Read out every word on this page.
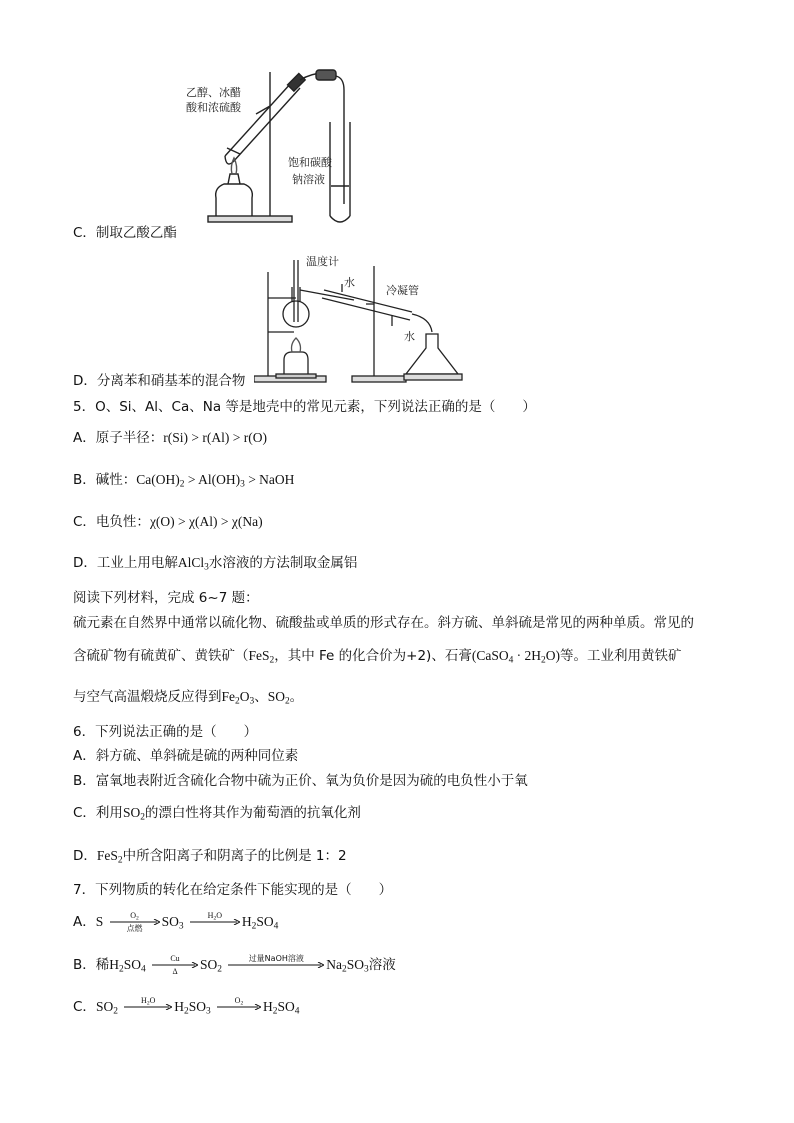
乙醇、冰醋
酸和浓硫酸
饱和碳酸
钠溶液
C．制取乙酸乙酯
温度计
水
冷凝管
水
D．分离苯和硝基苯的混合物
5．O、Si、Al、Ca、Na 等是地壳中的常见元素，下列说法正确的是（　　）
A．原子半径：r(Si) > r(Al) > r(O)
B．碱性：$Ca(OH)_2 > Al(OH)_3$ > NaOH
C．电负性：χ(O) > χ(Al) > χ(Na)
D．工业上用电解AlCl$_3$水溶液的方法制取金属铝
阅读下列材料，完成 6~7 题：
硫元素在自然界中通常以硫化物、硫酸盐或单质的形式存在。斜方硫、单斜硫是常见的两种单质。常见的
含硫矿物有硫黄矿、黄铁矿（FeS$_2$，其中 Fe 的化合价为+2)、石膏(CaSO$_4$ · $2H_2O$)等。工业利用黄铁矿
与空气高温煅烧反应得到$Fe_2O_3$、$SO_2$。
6．下列说法正确的是（　　）
A．斜方硫、单斜硫是硫的两种同位素
B．富氧地表附近含硫化合物中硫为正价、氧为负价是因为硫的电负性小于氧
C．利用$SO_2$的漂白性将其作为葡萄酒的抗氧化剂
D．FeS$_2$中所含阳离子和阴离子的比例是 1：2
7．下列物质的转化在给定条件下能实现的是（　　）
A．S	$O_2$
点燃	$SO_3$
$H_2O$	$H_2SO_4$
B．稀$H_2SO_4$
Cu
Δ	$SO_2$
过量NaOH溶液	$Na_2SO_3$溶液
C．$SO_2$
$H_2O$	$H_2SO_3$
$O_2$	$H_2SO_4$
